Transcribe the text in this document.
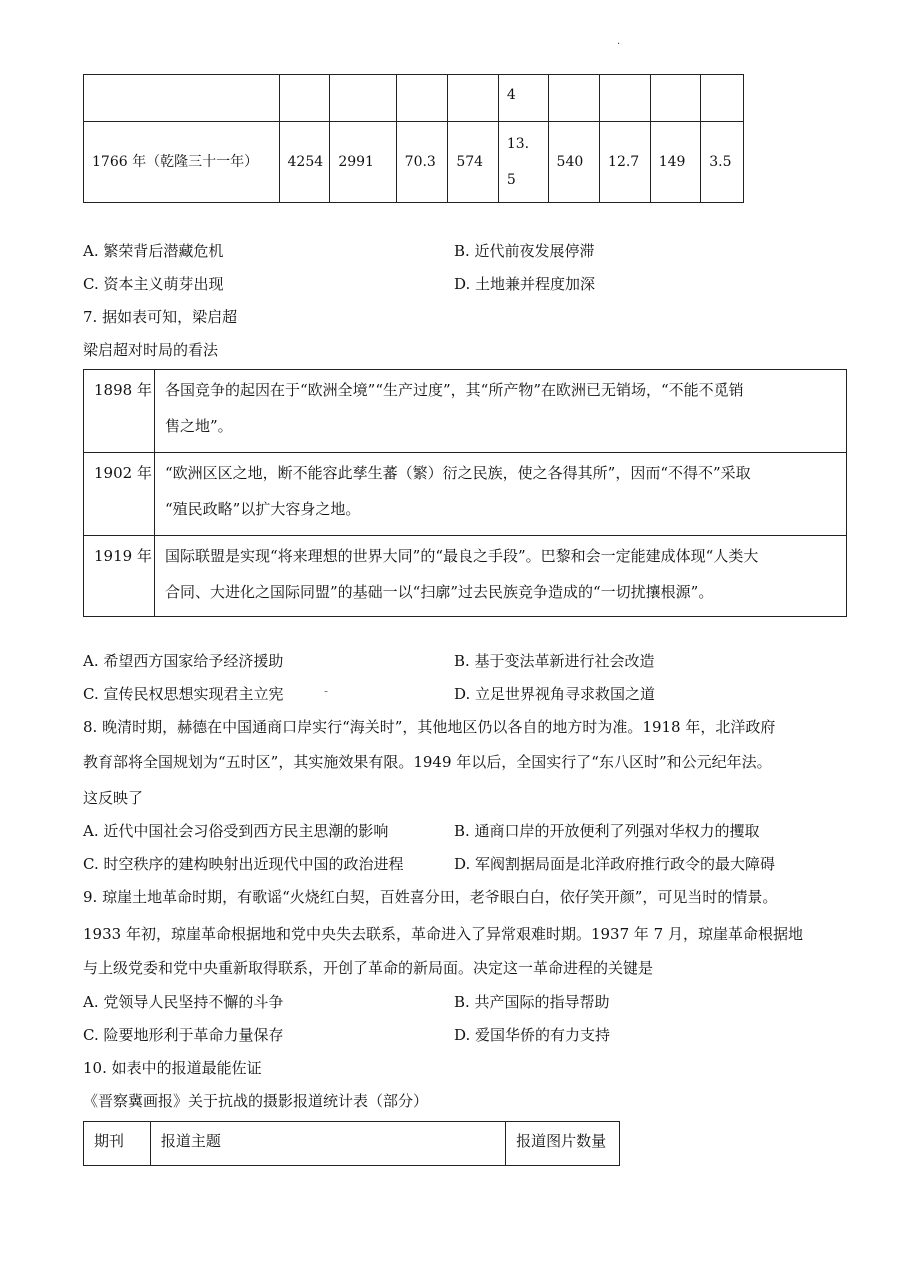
.

					4				

1766 年（乾隆三十一年）	4254	2991	70.3	574	13.5	540	12.7	149	3.5
A. 繁荣背后潜藏危机	B. 近代前夜发展停滞
C. 资本主义萌芽出现	D. 土地兼并程度加深
7. 据如表可知，梁启超
梁启超对时局的看法
1898 年	各国竞争的起因在于“欧洲全境”“生产过度”，其“所产物”在欧洲已无销场，“不能不觅销
售之地”。

1902 年	“欧洲区区之地，断不能容此孳生蕃（繁）衍之民族，使之各得其所”，因而“不得不”采取
“殖民政略”以扩大容身之地。

1919 年	国际联盟是实现“将来理想的世界大同”的“最良之手段”。巴黎和会一定能建成体现“人类大
合同、大进化之国际同盟”的基础一以“扫廓”过去民族竞争造成的“一切扰攘根源”。
A. 希望西方国家给予经济援助	B. 基于变法革新进行社会改造
C. 宣传民权思想实现君主立宪	-	D. 立足世界视角寻求救国之道
8. 晚清时期，赫德在中国通商口岸实行“海关时”，其他地区仍以各自的地方时为准。1918 年，北洋政府
教育部将全国规划为“五时区”，其实施效果有限。1949 年以后，全国实行了“东八区时”和公元纪年法。
这反映了
A. 近代中国社会习俗受到西方民主思潮的影响	B. 通商口岸的开放便利了列强对华权力的攫取
C. 时空秩序的建构映射出近现代中国的政治进程	D. 军阀割据局面是北洋政府推行政令的最大障碍
9. 琼崖土地革命时期，有歌谣“火烧红白契，百姓喜分田，老爷眼白白，依仔笑开颜”，可见当时的情景。
1933 年初，琼崖革命根据地和党中央失去联系，革命进入了异常艰难时期。1937 年 7 月，琼崖革命根据地
与上级党委和党中央重新取得联系，开创了革命的新局面。决定这一革命进程的关键是
A. 党领导人民坚持不懈的斗争	B. 共产国际的指导帮助
C. 险要地形利于革命力量保存	D. 爱国华侨的有力支持
10. 如表中的报道最能佐证
《晋察冀画报》关于抗战的摄影报道统计表（部分）
期刊	报道主题	报道图片数量
